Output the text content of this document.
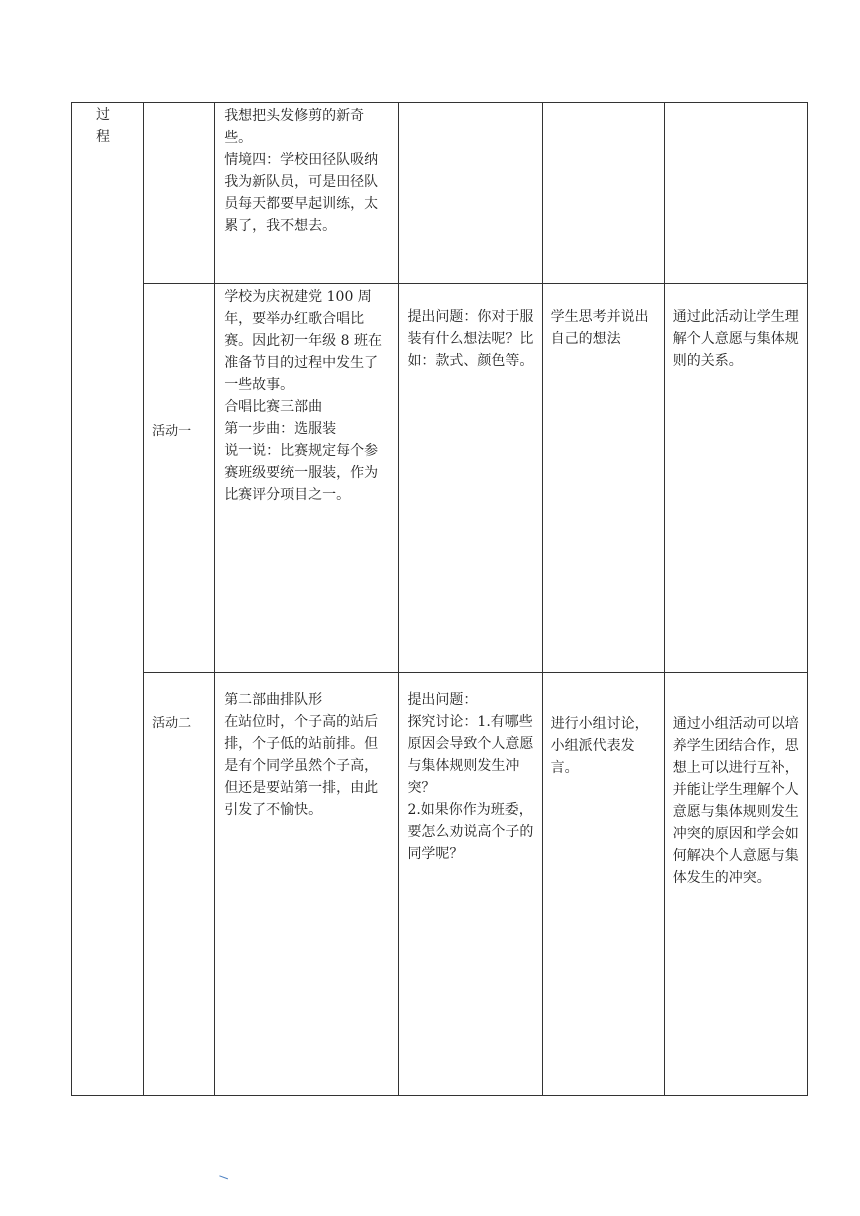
过程		我想把头发修剪的新奇些。
情境四：学校田径队吸纳我为新队员，可是田径队员每天都要早起训练，太累了，我不想去。			

	活动一	学校为庆祝建党 100 周年，要举办红歌合唱比赛。因此初一年级 8 班在准备节目的过程中发生了一些故事。
合唱比赛三部曲
第一步曲：选服装
说一说：比赛规定每个参赛班级要统一服装，作为比赛评分项目之一。	提出问题：你对于服装有什么想法呢？比如：款式、颜色等。	学生思考并说出自己的想法	通过此活动让学生理解个人意愿与集体规则的关系。

	活动二	第二部曲排队形
在站位时，个子高的站后排，个子低的站前排。但是有个同学虽然个子高，但还是要站第一排，由此引发了不愉快。	提出问题：
探究讨论：1.有哪些原因会导致个人意愿与集体规则发生冲突？
2.如果你作为班委，要怎么劝说高个子的同学呢？	进行小组讨论，小组派代表发言。	通过小组活动可以培养学生团结合作，思想上可以进行互补，并能让学生理解个人意愿与集体规则发生冲突的原因和学会如何解决个人意愿与集体发生的冲突。
